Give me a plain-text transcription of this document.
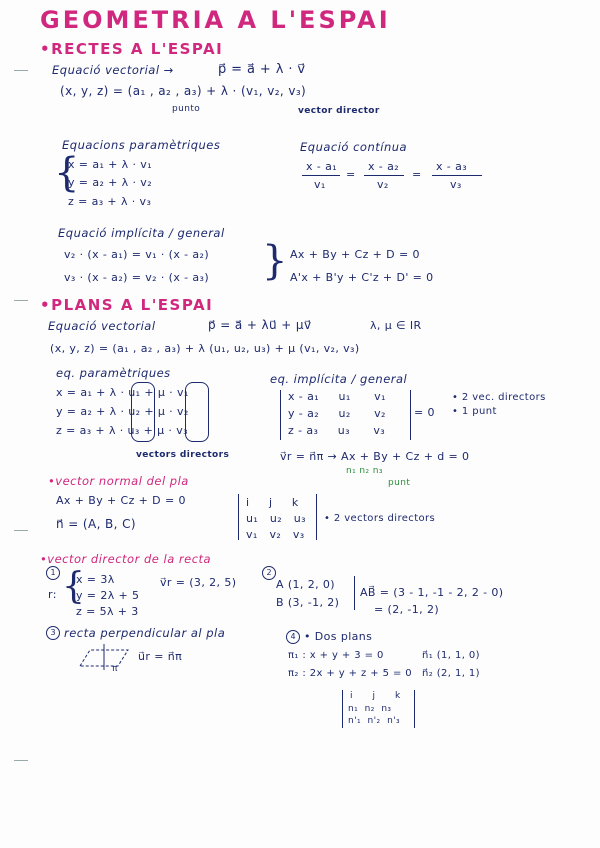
GEOMETRIA A L'ESPAI
•RECTES A L'ESPAI
Equació vectorial →	p⃗ = a⃗ + λ · v⃗
(x, y, z) = (a₁ , a₂ , a₃) + λ · (v₁, v₂, v₃)
punto	vector director
Equacions paramètriques
{
x = a₁ + λ · v₁
y = a₂ + λ · v₂
z = a₃ + λ · v₃
Equació contínua
x - a₁
v₁
=
x - a₂
v₂
=
x - a₃
v₃
Equació implícita / general
v₂ · (x - a₁) = v₁ · (x - a₂)
v₃ · (x - a₂) = v₂ · (x - a₃) } Ax + By + Cz + D = 0
A'x + B'y + C'z + D' = 0
•PLANS A L'ESPAI
Equació vectorial	p⃗ = a⃗ + λu⃗ + μv⃗	λ, μ ∈ IR
(x, y, z) = (a₁ , a₂ , a₃) + λ (u₁, u₂, u₃) + μ (v₁, v₂, v₃)
eq. paramètriques
x = a₁ + λ · u₁ + μ · v₁
y = a₂ + λ · u₂ + μ · v₂
z = a₃ + λ · u₃ + μ · v₃
vectors directors
eq. implícita / general
x - a₁ u₁ v₁
y - a₂ u₂ v₂
z - a₃ u₃ v₃
= 0
• 2 vec. directors
• 1 punt
v⃗r = n⃗π → Ax + By + Cz + d = 0
n₁ n₂ n₃
punt
•vector normal del pla
Ax + By + Cz + D = 0
n⃗ = (A, B, C)
i j k
u₁ u₂ u₃
v₁ v₂ v₃
• 2 vectors directors
•vector director de la recta
1
r: {
x = 3λ
y = 2λ + 5
z = 5λ + 3
v⃗r = (3, 2, 5)
2
A (1, 2, 0)
B (3, -1, 2)
AB⃗ = (3 - 1, -1 - 2, 2 - 0)
= (2, -1, 2)
3 recta perpendicular al pla
π
u⃗r = n⃗π
4 • Dos plans
π₁ : x + y + 3 = 0
π₂ : 2x + y + z + 5 = 0
n⃗₁ (1, 1, 0)
n⃗₂ (2, 1, 1)
i j k
n₁ n₂ n₃
n'₁ n'₂ n'₃
